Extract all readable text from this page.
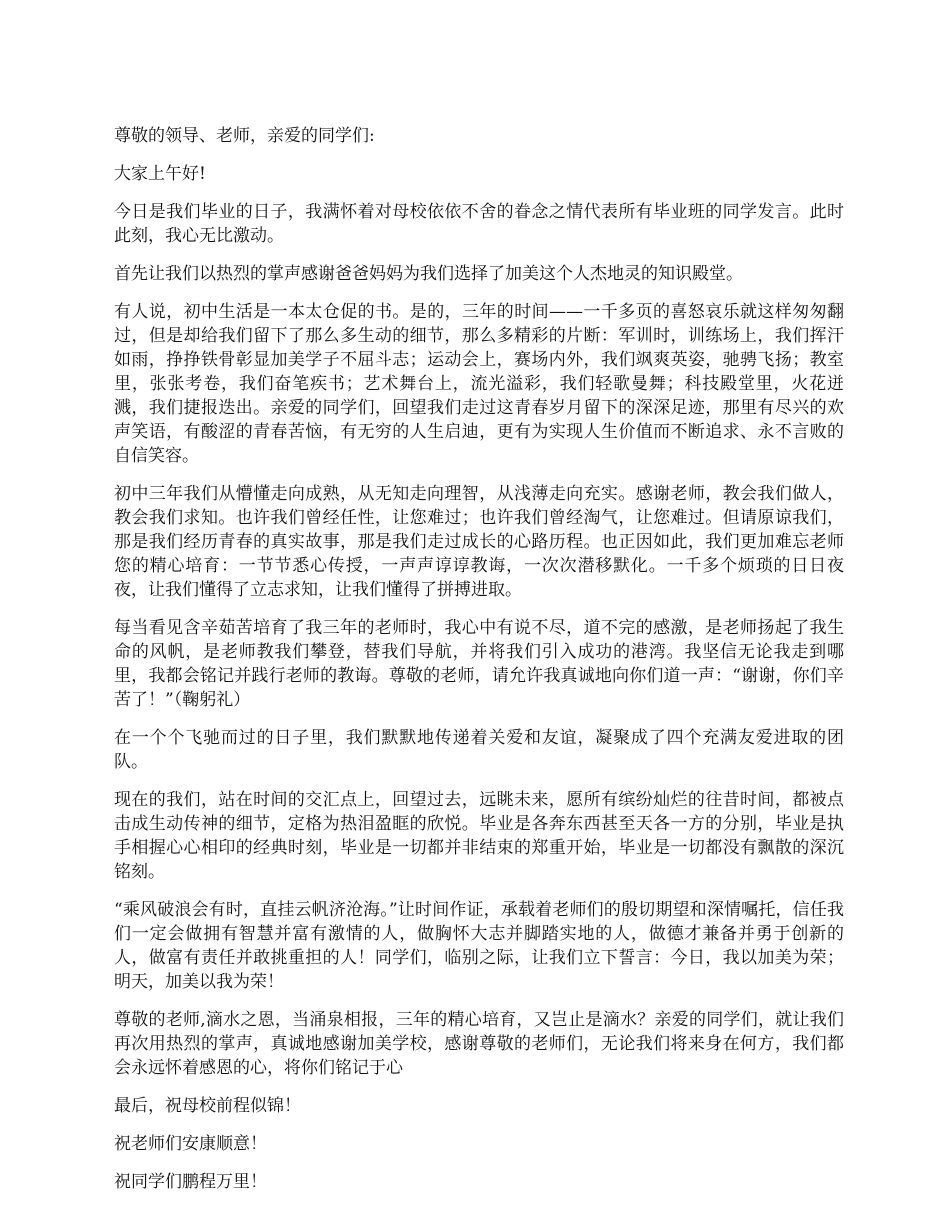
尊敬的领导、老师，亲爱的同学们:

大家上午好!

今日是我们毕业的日子，我满怀着对母校依依不舍的眷念之情代表所有毕业班的同学发言。此时此刻，我心无比激动。

首先让我们以热烈的掌声感谢爸爸妈妈为我们选择了加美这个人杰地灵的知识殿堂。

有人说，初中生活是一本太仓促的书。是的，三年的时间——一千多页的喜怒哀乐就这样匆匆翻过，但是却给我们留下了那么多生动的细节，那么多精彩的片断：军训时，训练场上，我们挥汗如雨，挣挣铁骨彰显加美学子不屈斗志；运动会上，赛场内外，我们飒爽英姿，驰骋飞扬；教室里，张张考卷，我们奋笔疾书；艺术舞台上，流光溢彩，我们轻歌曼舞；科技殿堂里，火花迸溅，我们捷报迭出。亲爱的同学们，回望我们走过这青春岁月留下的深深足迹，那里有尽兴的欢声笑语，有酸涩的青春苦恼，有无穷的人生启迪，更有为实现人生价值而不断追求、永不言败的自信笑容。

初中三年我们从懵懂走向成熟，从无知走向理智，从浅薄走向充实。感谢老师，教会我们做人，教会我们求知。也许我们曾经任性，让您难过；也许我们曾经淘气，让您难过。但请原谅我们，那是我们经历青春的真实故事，那是我们走过成长的心路历程。也正因如此，我们更加难忘老师您的精心培育：一节节悉心传授，一声声谆谆教诲，一次次潜移默化。一千多个烦琐的日日夜夜，让我们懂得了立志求知，让我们懂得了拼搏进取。

每当看见含辛茹苦培育了我三年的老师时，我心中有说不尽，道不完的感激，是老师扬起了我生命的风帆，是老师教我们攀登，替我们导航，并将我们引入成功的港湾。我坚信无论我走到哪里，我都会铭记并践行老师的教诲。尊敬的老师，请允许我真诚地向你们道一声：“谢谢，你们辛苦了！”（鞠躬礼）

在一个个飞驰而过的日子里，我们默默地传递着关爱和友谊，凝聚成了四个充满友爱进取的团队。

现在的我们，站在时间的交汇点上，回望过去，远眺未来，愿所有缤纷灿烂的往昔时间，都被点击成生动传神的细节，定格为热泪盈眶的欣悦。毕业是各奔东西甚至天各一方的分别，毕业是执手相握心心相印的经典时刻，毕业是一切都并非结束的郑重开始，毕业是一切都没有飘散的深沉铭刻。

“乘风破浪会有时，直挂云帆济沧海。”让时间作证，承载着老师们的殷切期望和深情嘱托，信任我们一定会做拥有智慧并富有激情的人，做胸怀大志并脚踏实地的人，做德才兼备并勇于创新的人，做富有责任并敢挑重担的人！同学们，临别之际，让我们立下誓言：今日，我以加美为荣；明天，加美以我为荣！

尊敬的老师,滴水之恩，当涌泉相报，三年的精心培育，又岂止是滴水？亲爱的同学们，就让我们再次用热烈的掌声，真诚地感谢加美学校，感谢尊敬的老师们，无论我们将来身在何方，我们都会永远怀着感恩的心，将你们铭记于心

最后，祝母校前程似锦！

祝老师们安康顺意！

祝同学们鹏程万里！
